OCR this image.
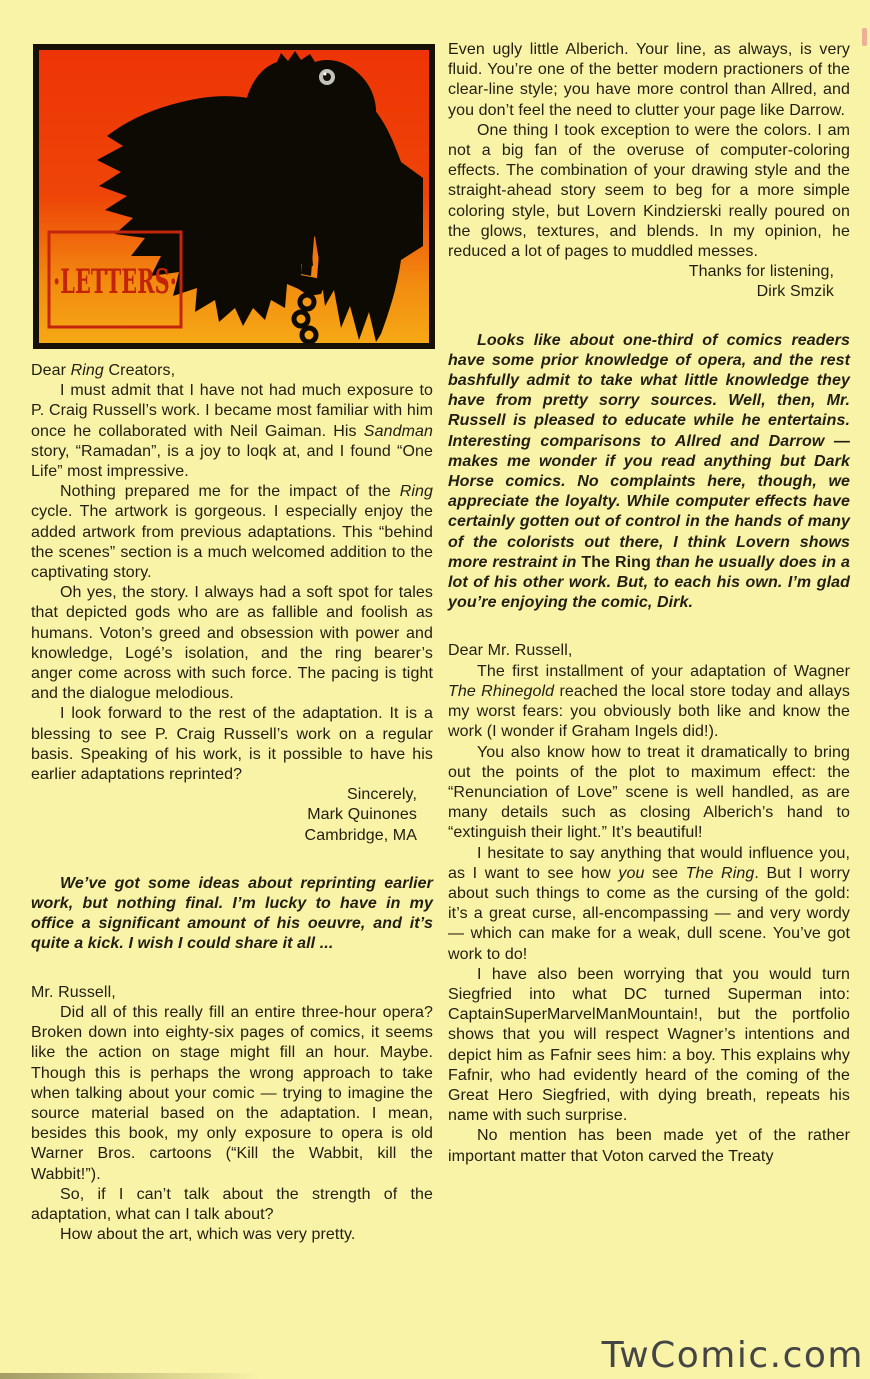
·LETTERS·

Dear Ring Creators,

I must admit that I have not had much exposure to P. Craig Russell’s work. I became most familiar with him once he collaborated with Neil Gaiman. His Sandman story, “Ramadan”, is a joy to loqk at, and I found “One Life” most impressive.

Nothing prepared me for the impact of the Ring cycle. The artwork is gorgeous. I especially enjoy the added artwork from previous adaptations. This “behind the scenes” section is a much welcomed addition to the captivating story.

Oh yes, the story. I always had a soft spot for tales that depicted gods who are as fallible and foolish as humans. Voton’s greed and obsession with power and knowledge, Logé’s isolation, and the ring bearer’s anger come across with such force. The pacing is tight and the dialogue melodious.

I look forward to the rest of the adaptation. It is a blessing to see P. Craig Russell’s work on a regular basis. Speaking of his work, is it possible to have his earlier adaptations reprinted?

Sincerely,
Mark Quinones
Cambridge, MA

We’ve got some ideas about reprinting earlier work, but nothing final. I’m lucky to have in my office a significant amount of his oeuvre, and it’s quite a kick. I wish I could share it all ...

Mr. Russell,

Did all of this really fill an entire three-hour opera? Broken down into eighty-six pages of comics, it seems like the action on stage might fill an hour. Maybe. Though this is perhaps the wrong approach to take when talking about your comic — trying to imagine the source material based on the adaptation. I mean, besides this book, my only exposure to opera is old Warner Bros. cartoons (“Kill the Wabbit, kill the Wabbit!”).

So, if I can’t talk about the strength of the adaptation, what can I talk about?

How about the art, which was very pretty.

Even ugly little Alberich. Your line, as always, is very fluid. You’re one of the better modern practioners of the clear-line style; you have more control than Allred, and you don’t feel the need to clutter your page like Darrow.

One thing I took exception to were the colors. I am not a big fan of the overuse of computer-coloring effects. The combination of your drawing style and the straight-ahead story seem to beg for a more simple coloring style, but Lovern Kindzierski really poured on the glows, textures, and blends. In my opinion, he reduced a lot of pages to muddled messes.

Thanks for listening,
Dirk Smzik

Looks like about one-third of comics readers have some prior knowledge of opera, and the rest bashfully admit to take what little knowledge they have from pretty sorry sources. Well, then, Mr. Russell is pleased to educate while he entertains. Interesting comparisons to Allred and Darrow — makes me wonder if you read anything but Dark Horse comics. No complaints here, though, we appreciate the loyalty. While computer effects have certainly gotten out of control in the hands of many of the colorists out there, I think Lovern shows more restraint in The Ring than he usually does in a lot of his other work. But, to each his own. I’m glad you’re enjoying the comic, Dirk.

Dear Mr. Russell,

The first installment of your adaptation of Wagner The Rhinegold reached the local store today and allays my worst fears: you obviously both like and know the work (I wonder if Graham Ingels did!).

You also know how to treat it dramatically to bring out the points of the plot to maximum effect: the “Renunciation of Love” scene is well handled, as are many details such as closing Alberich’s hand to “extinguish their light.” It’s beautiful!

I hesitate to say anything that would influence you, as I want to see how you see The Ring. But I worry about such things to come as the cursing of the gold: it’s a great curse, all-encompassing — and very wordy — which can make for a weak, dull scene. You’ve got work to do!

I have also been worrying that you would turn Siegfried into what DC turned Superman into: CaptainSuperMarvelManMountain!, but the portfolio shows that you will respect Wagner’s intentions and depict him as Fafnir sees him: a boy. This explains why Fafnir, who had evidently heard of the coming of the Great Hero Siegfried, with dying breath, repeats his name with such surprise.

No mention has been made yet of the rather important matter that Voton carved the Treaty

TwComic.com
